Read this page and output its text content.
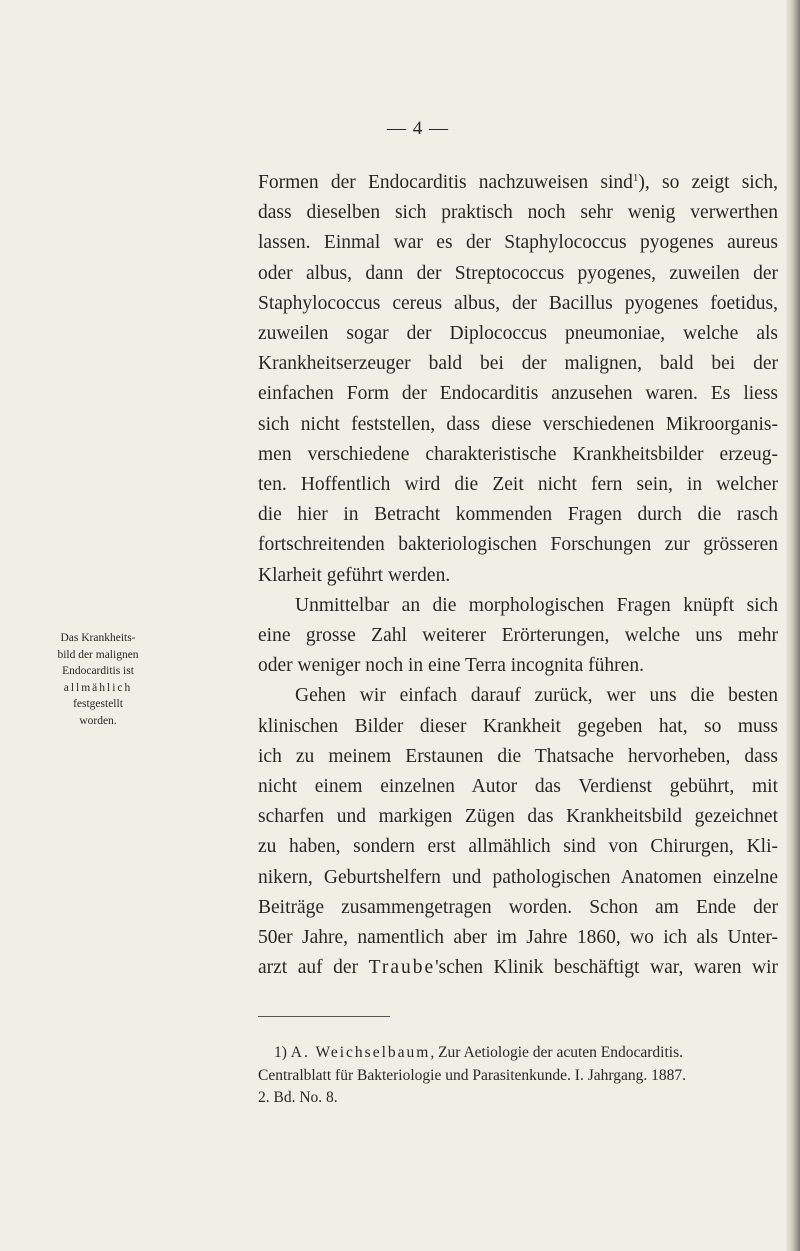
— 4 —
Das Krankheits-
bild der malignen
Endocarditis ist
allmählich
festgestellt
worden.
Formen der Endocarditis nachzuweisen sind$^1$), so zeigt sich,
dass dieselben sich praktisch noch sehr wenig verwerthen
lassen. Einmal war es der Staphylococcus pyogenes aureus
oder albus, dann der Streptococcus pyogenes, zuweilen der
Staphylococcus cereus albus, der Bacillus pyogenes foetidus,
zuweilen sogar der Diplococcus pneumoniae, welche als
Krankheitserzeuger bald bei der malignen, bald bei der
einfachen Form der Endocarditis anzusehen waren. Es liess
sich nicht feststellen, dass diese verschiedenen Mikroorganis-
men verschiedene charakteristische Krankheitsbilder erzeug-
ten. Hoffentlich wird die Zeit nicht fern sein, in welcher
die hier in Betracht kommenden Fragen durch die rasch
fortschreitenden bakteriologischen Forschungen zur grösseren
Klarheit geführt werden.
Unmittelbar an die morphologischen Fragen knüpft sich
eine grosse Zahl weiterer Erörterungen, welche uns mehr
oder weniger noch in eine Terra incognita führen.
Gehen wir einfach darauf zurück, wer uns die besten
klinischen Bilder dieser Krankheit gegeben hat, so muss
ich zu meinem Erstaunen die Thatsache hervorheben, dass
nicht einem einzelnen Autor das Verdienst gebührt, mit
scharfen und markigen Zügen das Krankheitsbild gezeichnet
zu haben, sondern erst allmählich sind von Chirurgen, Kli-
nikern, Geburtshelfern und pathologischen Anatomen einzelne
Beiträge zusammengetragen worden. Schon am Ende der
50er Jahre, namentlich aber im Jahre 1860, wo ich als Unter-
arzt auf der Traube'schen Klinik beschäftigt war, waren wir
1) A. Weichselbaum, Zur Aetiologie der acuten Endocarditis.
Centralblatt für Bakteriologie und Parasitenkunde. I. Jahrgang. 1887.
2. Bd. No. 8.
